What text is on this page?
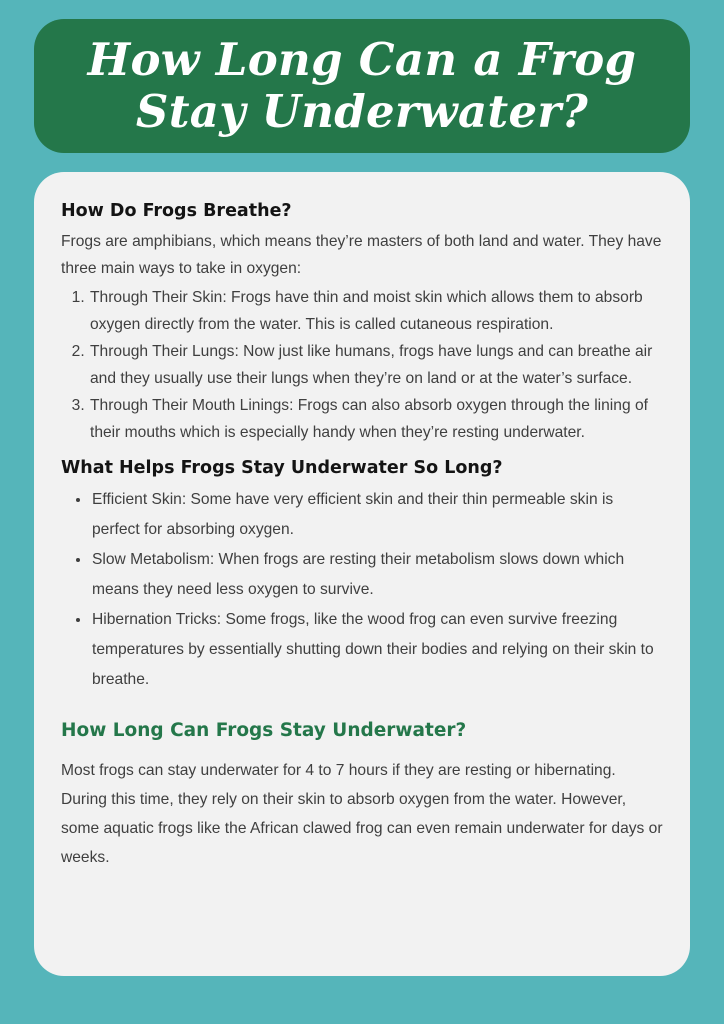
How Long Can a Frog Stay Underwater?
How Do Frogs Breathe?

Frogs are amphibians, which means they’re masters of both land and water. They have three main ways to take in oxygen:

1. Through Their Skin: Frogs have thin and moist skin which allows them to absorb oxygen directly from the water. This is called cutaneous respiration.
2. Through Their Lungs: Now just like humans, frogs have lungs and can breathe air and they usually use their lungs when they’re on land or at the water’s surface.
3. Through Their Mouth Linings: Frogs can also absorb oxygen through the lining of their mouths which is especially handy when they’re resting underwater.
What Helps Frogs Stay Underwater So Long?
• Efficient Skin: Some have very efficient skin and their thin permeable skin is perfect for absorbing oxygen.
• Slow Metabolism: When frogs are resting their metabolism slows down which means they need less oxygen to survive.
• Hibernation Tricks: Some frogs, like the wood frog can even survive freezing temperatures by essentially shutting down their bodies and relying on their skin to breathe.
How Long Can Frogs Stay Underwater?

Most frogs can stay underwater for 4 to 7 hours if they are resting or hibernating. During this time, they rely on their skin to absorb oxygen from the water. However, some aquatic frogs like the African clawed frog can even remain underwater for days or weeks.
